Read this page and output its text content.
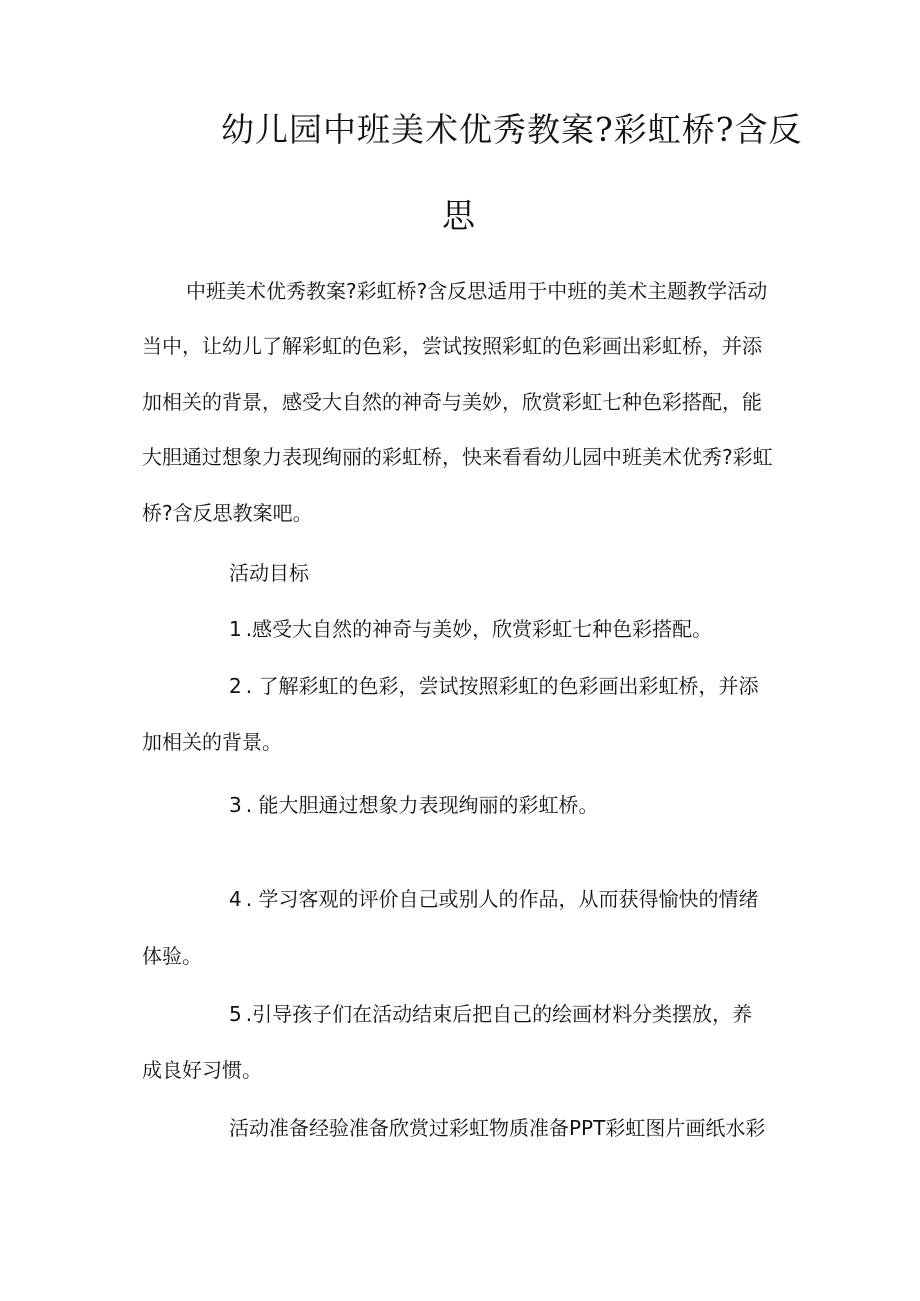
幼儿园中班美术优秀教案?彩虹桥?含反
思
中班美术优秀教案?彩虹桥?含反思适用于中班的美术主题教学活动
当中，让幼儿了解彩虹的色彩，尝试按照彩虹的色彩画出彩虹桥，并添
加相关的背景，感受大自然的神奇与美妙，欣赏彩虹七种色彩搭配，能
大胆通过想象力表现绚丽的彩虹桥，快来看看幼儿园中班美术优秀?彩虹
桥?含反思教案吧。
活动目标
1 .感受大自然的神奇与美妙，欣赏彩虹七种色彩搭配。
2 . 了解彩虹的色彩，尝试按照彩虹的色彩画出彩虹桥，并添
加相关的背景。
3 . 能大胆通过想象力表现绚丽的彩虹桥。
4 . 学习客观的评价自己或别人的作品，从而获得愉快的情绪
体验。
5 .引导孩子们在活动结束后把自己的绘画材料分类摆放，养
成良好习惯。
活动准备经验准备欣赏过彩虹物质准备PPT彩虹图片画纸水彩
